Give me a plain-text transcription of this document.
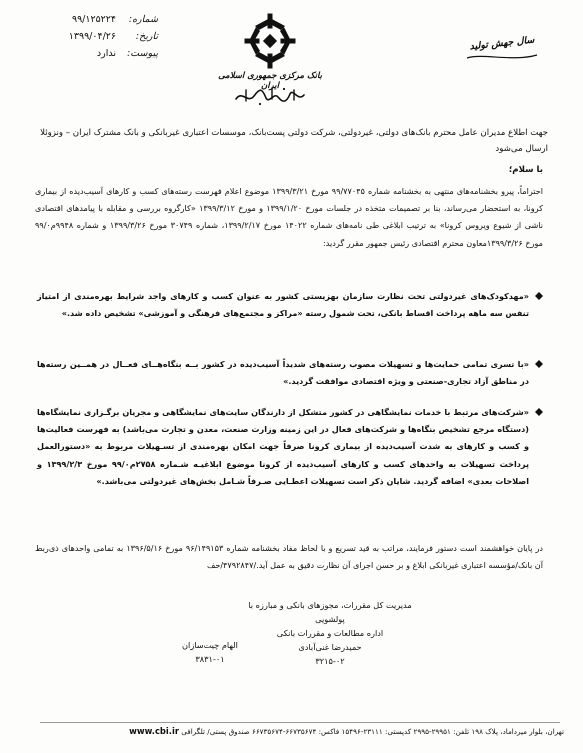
شماره:
۹۹/۱۲۵۲۲۴
تاریخ:
۱۳۹۹/۰۴/۲۶
پیوست:
ندارد
بانک مرکزی جمهوری اسلامی ایران
سال جهش تولید
جهت اطلاع مدیران عامل محترم بانک‌های دولتی، غیردولتی، شرکت دولتی پست‌بانک، موسسات اعتباری غیربانکی و بانک مشترک ایران – ونزوئلا ارسال می‌شود
با سلام؛
احتراماً، پیرو بخشنامه‌های منتهی به بخشنامه شماره ۹۹/۷۷۰۴۵ مورخ ۱۳۹۹/۳/۲۱ موضوع اعلام فهرست رسته‌های کسب و کارهای آسیب‌دیده از بیماری کرونا، به استحضار می‌رساند، بنا بر تصمیمات متخذه در جلسات مورخ ۱۳۹۹/۱/۲۰ و مورخ ۱۳۹۹/۳/۱۲ «کارگروه بررسی و مقابله با پیامدهای اقتصادی ناشی از شیوع ویروس کرونا» به ترتیب ابلاغی طی نامه‌های شماره ۱۴۰۲۲ مورخ ۱۳۹۹/۲/۱۷، شماره ۳۰۷۴۹ مورخ ۱۳۹۹/۳/۲۶ و شماره ۹۹۴۸م۹۹/۰ مورخ ۱۳۹۹/۳/۲۶معاون محترم اقتصادی رئیس جمهور مقرر گردید:
«مهدکودک‌های غیردولتی تحت نظارت سازمان بهزیستی کشور به عنوان کسب و کارهای واجد شرایط بهره‌مندی از امتیاز تنفس سه ماهه پرداخت اقساط بانکی، تحت شمول رسته «مراکز و مجتمع‌های فرهنگی و آموزشی» تشخیص داده شد.»
«با تسری تمامی حمایت‌ها و تسهیلات مصوب رسته‌های شدیداً آسیب‌دیده در کشور بــه بنگاه‌هــای فعــال در همــین رسته‌ها در مناطق آزاد تجاری-صنعتی و ویژه اقتصادی موافقت گردید.»
«شرکت‌های مرتبط با خدمات نمایشگاهی در کشور متشکل از دارندگان سایت‌های نمایشگاهی و مجریان برگـزاری نمایشگاه‌ها (دستگاه مرجع تشخیص بنگاه‌ها و شرکت‌های فعال در این زمینه وزارت صنعت، معدن و تجارت می‌باشد) به فهرست فعالیت‌ها و کسب و کارهای به شدت آسیب‌دیده از بیماری کرونا صرفاً جهت امکان بهره‌مندی از تسـهیلات مربوط به «دستورالعمل پرداخت تسهیلات به واحدهای کسب و کارهای آسیب‌دیده از کرونا موضوع ابلاغیـه شـماره ۲۷۵۸م۹۹/۰ مورخ ۱۳۹۹/۲/۳ و اصلاحات بعدی» اضافه گردید. شایان ذکر است تسهیلات اعطـایی صـرفاً شـامل بخش‌های غیردولتی می‌باشد.»
در پایان خواهشمند است دستور فرمایند، مراتب به قید تسریع و با لحاظ مفاد بخشنامه شماره ۹۶/۱۴۹۱۵۳ مورخ ۱۳۹۶/۵/۱۶ به تمامی واحدهای ذی‌ربط آن بانک/مؤسسه اعتباری غیربانکی ابلاغ و بر حسن اجرای آن نظارت دقیق به عمل آید./۴۷۹۲۸۴۷/حف
مدیریت کل مقررات، مجوزهای بانکی و مبارزه با پولشویی
اداره مطالعات و مقررات بانکی
حمیدرضا غنی‌آبادی
۳۲۱۵-۰۲
الهام چیت‌سازان
۳۸۳۱-۰۱
تهران، بلوار میرداماد، پلاک ۱۹۸ تلفن: ۲۹۹۵۱-۲۹۹۵ کدپستی: ۲۳۱۱۱-۱۵۴۹۶ فاکس: ۶۶۷۳۵۶۷۴-۶۶۷۳۵۶۷۴ صندوق پستی/ تلگرافی www.cbi.ir
